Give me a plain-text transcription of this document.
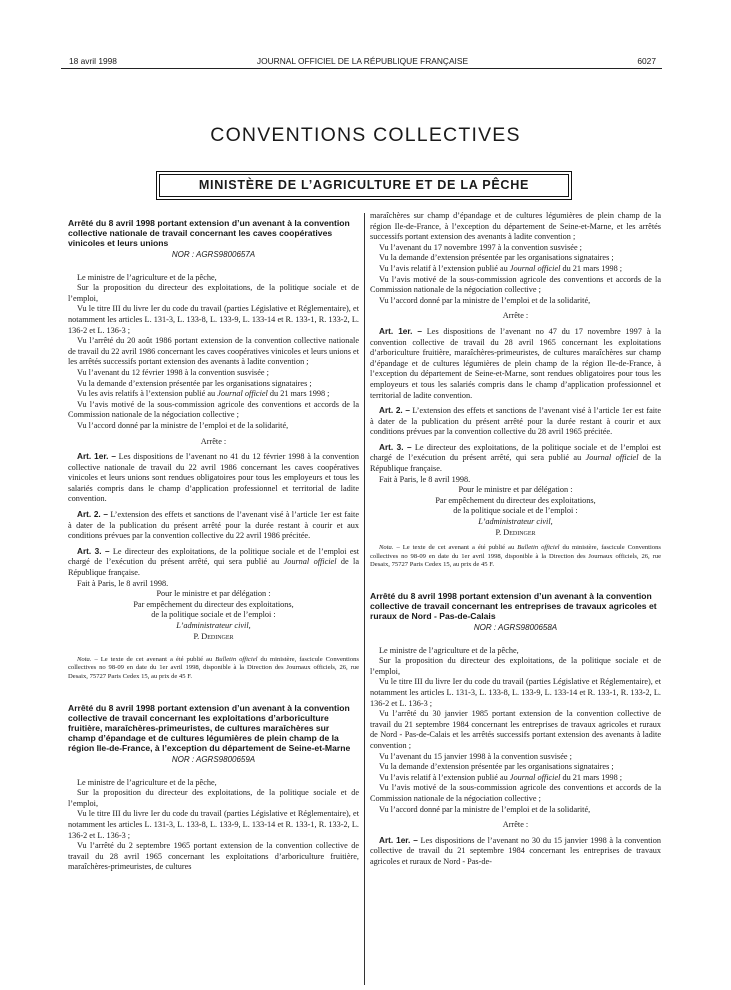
18 avril 1998	JOURNAL OFFICIEL DE LA RÉPUBLIQUE FRANÇAISE	6027
CONVENTIONS COLLECTIVES
MINISTÈRE DE L’AGRICULTURE ET DE LA PÊCHE

Arrêté du 8 avril 1998 portant extension d’un avenant à la convention collective nationale de travail concernant les caves coopératives vinicoles et leurs unions

NOR : AGRS9800657A

Le ministre de l’agriculture et de la pêche,

Sur la proposition du directeur des exploitations, de la politique sociale et de l’emploi,

Vu le titre III du livre Ier du code du travail (parties Législative et Réglementaire), et notamment les articles L. 131-3, L. 133-8, L. 133-9, L. 133-14 et R. 133-1, R. 133-2, L. 136-2 et L. 136-3 ;

Vu l’arrêté du 20 août 1986 portant extension de la convention collective nationale de travail du 22 avril 1986 concernant les caves coopératives vinicoles et leurs unions et les arrêtés successifs portant extension des avenants à ladite convention ;

Vu l’avenant du 12 février 1998 à la convention susvisée ;

Vu la demande d’extension présentée par les organisations signataires ;

Vu les avis relatifs à l’extension publié au Journal officiel du 21 mars 1998 ;

Vu l’avis motivé de la sous-commission agricole des conventions et accords de la Commission nationale de la négociation collective ;

Vu l’accord donné par la ministre de l’emploi et de la solidarité,

Arrête :

Art. 1er. – Les dispositions de l’avenant no 41 du 12 février 1998 à la convention collective nationale de travail du 22 avril 1986 concernant les caves coopératives vinicoles et leurs unions sont rendues obligatoires pour tous les employeurs et tous les salariés compris dans le champ d’application professionnel et territorial de ladite convention.

Art. 2. – L’extension des effets et sanctions de l’avenant visé à l’article 1er est faite à dater de la publication du présent arrêté pour la durée restant à courir et aux conditions prévues par la convention collective du 22 avril 1986 précitée.

Art. 3. – Le directeur des exploitations, de la politique sociale et de l’emploi est chargé de l’exécution du présent arrêté, qui sera publié au Journal officiel de la République française.

Fait à Paris, le 8 avril 1998.

Pour le ministre et par délégation :

Par empêchement du directeur des exploitations,

de la politique sociale et de l’emploi :

L’administrateur civil,

P. Dedinger

Nota. – Le texte de cet avenant a été publié au Bulletin officiel du ministère, fascicule Conventions collectives no 98-09 en date du 1er avril 1998, disponible à la Direction des Journaux officiels, 26, rue Desaix, 75727 Paris Cedex 15, au prix de 45 F.

Arrêté du 8 avril 1998 portant extension d’un avenant à la convention collective de travail concernant les exploitations d’arboriculture fruitière, maraîchères-primeuristes, de cultures maraîchères sur champ d’épandage et de cultures légumières de plein champ de la région Ile-de-France, à l’exception du département de Seine-et-Marne

NOR : AGRS9800659A

Le ministre de l’agriculture et de la pêche,

Sur la proposition du directeur des exploitations, de la politique sociale et de l’emploi,

Vu le titre III du livre Ier du code du travail (parties Législative et Réglementaire), et notamment les articles L. 131-3, L. 133-8, L. 133-9, L. 133-14 et R. 133-1, R. 133-2, L. 136-2 et L. 136-3 ;

Vu l’arrêté du 2 septembre 1965 portant extension de la convention collective de travail du 28 avril 1965 concernant les exploitations d’arboriculture fruitière, maraîchères-primeuristes, de cultures

maraîchères sur champ d’épandage et de cultures légumières de plein champ de la région Ile-de-France, à l’exception du département de Seine-et-Marne, et les arrêtés successifs portant extension des avenants à ladite convention ;

Vu l’avenant du 17 novembre 1997 à la convention susvisée ;

Vu la demande d’extension présentée par les organisations signataires ;

Vu l’avis relatif à l’extension publié au Journal officiel du 21 mars 1998 ;

Vu l’avis motivé de la sous-commission agricole des conventions et accords de la Commission nationale de la négociation collective ;

Vu l’accord donné par la ministre de l’emploi et de la solidarité,

Arrête :

Art. 1er. – Les dispositions de l’avenant no 47 du 17 novembre 1997 à la convention collective de travail du 28 avril 1965 concernant les exploitations d’arboriculture fruitière, maraîchères-primeuristes, de cultures maraîchères sur champ d’épandage et de cultures légumières de plein champ de la région Ile-de-France, à l’exception du département de Seine-et-Marne, sont rendues obligatoires pour tous les employeurs et tous les salariés compris dans le champ d’application professionnel et territorial de ladite convention.

Art. 2. – L’extension des effets et sanctions de l’avenant visé à l’article 1er est faite à dater de la publication du présent arrêté pour la durée restant à courir et aux conditions prévues par la convention collective du 28 avril 1965 précitée.

Art. 3. – Le directeur des exploitations, de la politique sociale et de l’emploi est chargé de l’exécution du présent arrêté, qui sera publié au Journal officiel de la République française.

Fait à Paris, le 8 avril 1998.

Pour le ministre et par délégation :

Par empêchement du directeur des exploitations,

de la politique sociale et de l’emploi :

L’administrateur civil,

P. Dedinger

Nota. – Le texte de cet avenant a été publié au Bulletin officiel du ministère, fascicule Conventions collectives no 98-09 en date du 1er avril 1998, disponible à la Direction des Journaux officiels, 26, rue Desaix, 75727 Paris Cedex 15, au prix de 45 F.

Arrêté du 8 avril 1998 portant extension d’un avenant à la convention collective de travail concernant les entreprises de travaux agricoles et ruraux de Nord - Pas-de-Calais

NOR : AGRS9800658A

Le ministre de l’agriculture et de la pêche,

Sur la proposition du directeur des exploitations, de la politique sociale et de l’emploi,

Vu le titre III du livre Ier du code du travail (parties Législative et Réglementaire), et notamment les articles L. 131-3, L. 133-8, L. 133-9, L. 133-14 et R. 133-1, R. 133-2, L. 136-2 et L. 136-3 ;

Vu l’arrêté du 30 janvier 1985 portant extension de la convention collective de travail du 21 septembre 1984 concernant les entreprises de travaux agricoles et ruraux de Nord - Pas-de-Calais et les arrêtés successifs portant extension des avenants à ladite convention ;

Vu l’avenant du 15 janvier 1998 à la convention susvisée ;

Vu la demande d’extension présentée par les organisations signataires ;

Vu l’avis relatif à l’extension publié au Journal officiel du 21 mars 1998 ;

Vu l’avis motivé de la sous-commission agricole des conventions et accords de la Commission nationale de la négociation collective ;

Vu l’accord donné par la ministre de l’emploi et de la solidarité,

Arrête :

Art. 1er. – Les dispositions de l’avenant no 30 du 15 janvier 1998 à la convention collective de travail du 21 septembre 1984 concernant les entreprises de travaux agricoles et ruraux de Nord - Pas-de-
